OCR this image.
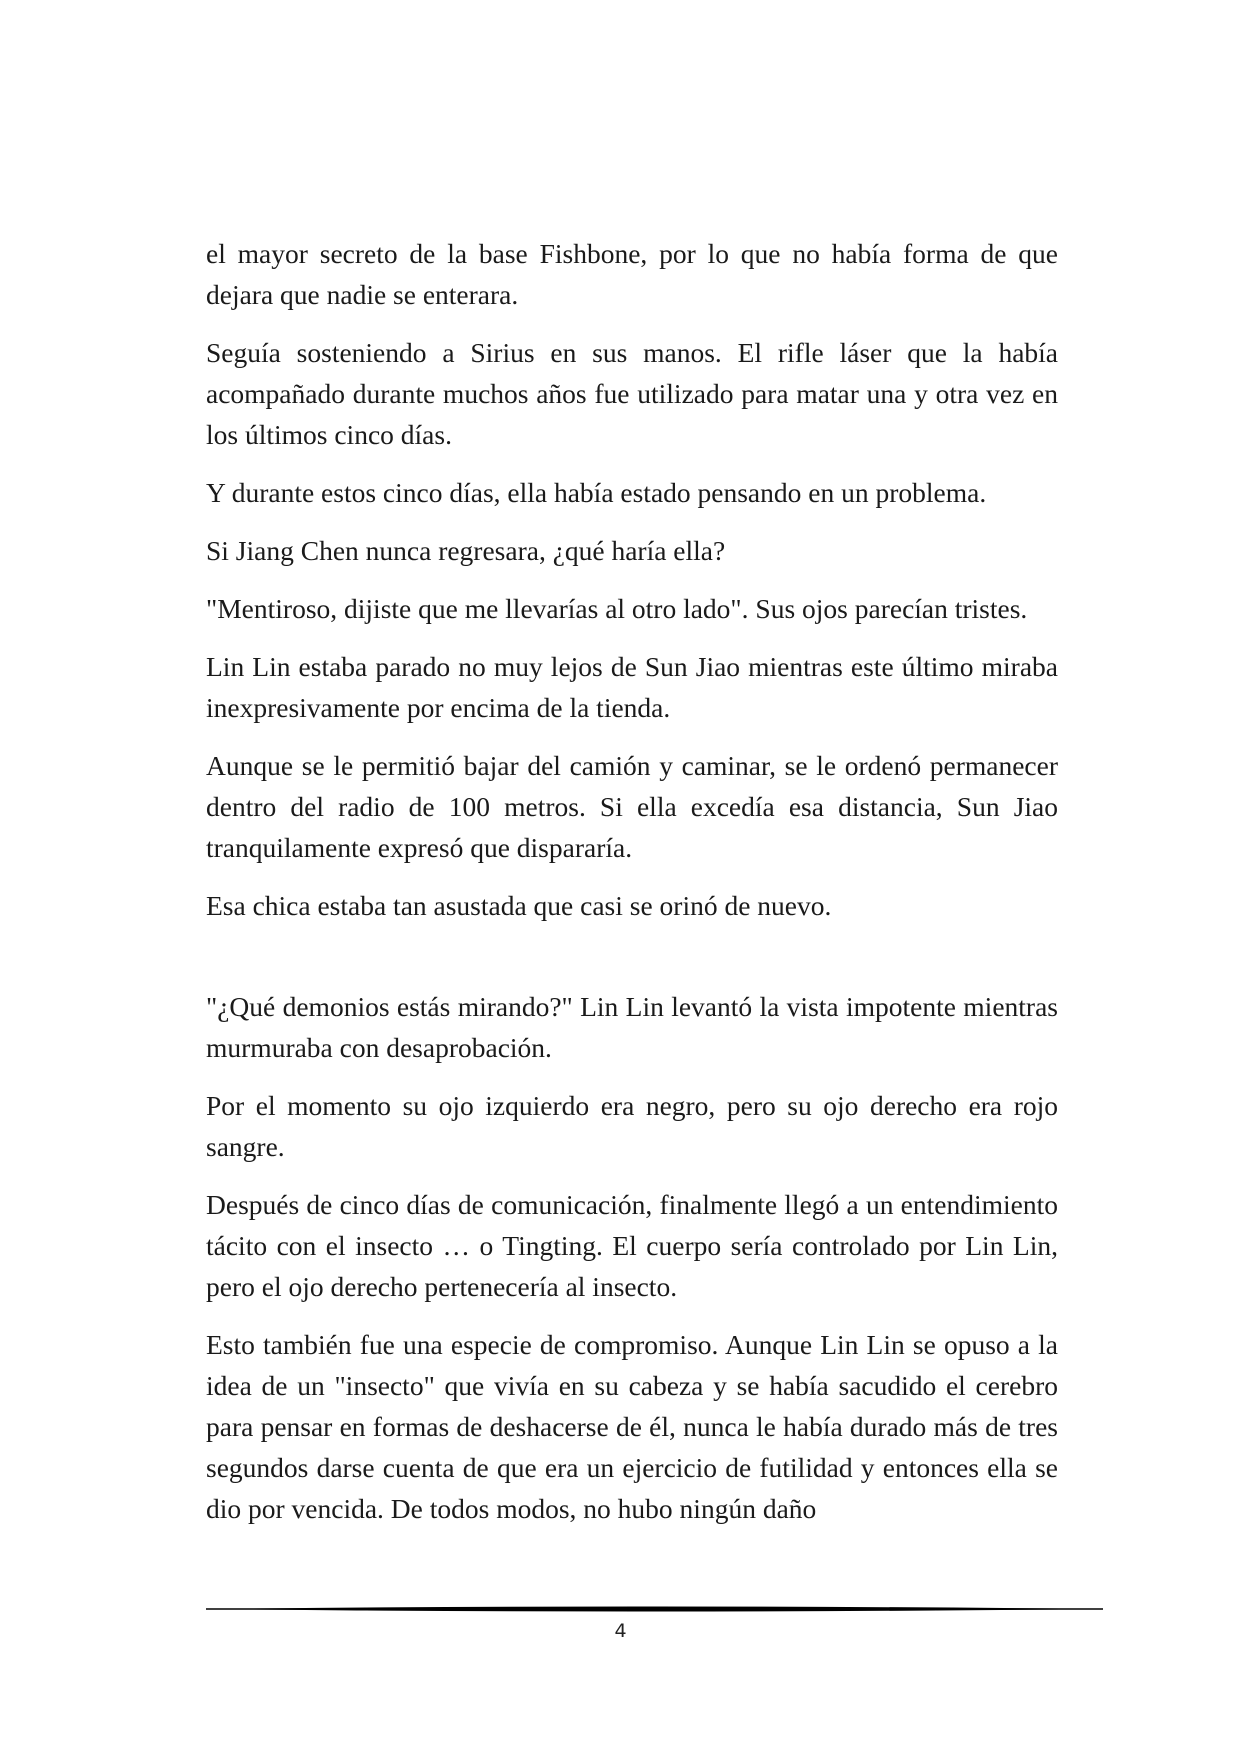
el mayor secreto de la base Fishbone, por lo que no había forma de que dejara que nadie se enterara.

Seguía sosteniendo a Sirius en sus manos. El rifle láser que la había acompañado durante muchos años fue utilizado para matar una y otra vez en los últimos cinco días.

Y durante estos cinco días, ella había estado pensando en un problema.

Si Jiang Chen nunca regresara, ¿qué haría ella?

"Mentiroso, dijiste que me llevarías al otro lado". Sus ojos parecían tristes.

Lin Lin estaba parado no muy lejos de Sun Jiao mientras este último miraba inexpresivamente por encima de la tienda.

Aunque se le permitió bajar del camión y caminar, se le ordenó permanecer dentro del radio de 100 metros. Si ella excedía esa distancia, Sun Jiao tranquilamente expresó que dispararía.

Esa chica estaba tan asustada que casi se orinó de nuevo.

"¿Qué demonios estás mirando?" Lin Lin levantó la vista impotente mientras murmuraba con desaprobación.

Por el momento su ojo izquierdo era negro, pero su ojo derecho era rojo sangre.

Después de cinco días de comunicación, finalmente llegó a un entendimiento tácito con el insecto … o Tingting. El cuerpo sería controlado por Lin Lin, pero el ojo derecho pertenecería al insecto.

Esto también fue una especie de compromiso. Aunque Lin Lin se opuso a la idea de un "insecto" que vivía en su cabeza y se había sacudido el cerebro para pensar en formas de deshacerse de él, nunca le había durado más de tres segundos darse cuenta de que era un ejercicio de futilidad y entonces ella se dio por vencida. De todos modos, no hubo ningún daño

4
